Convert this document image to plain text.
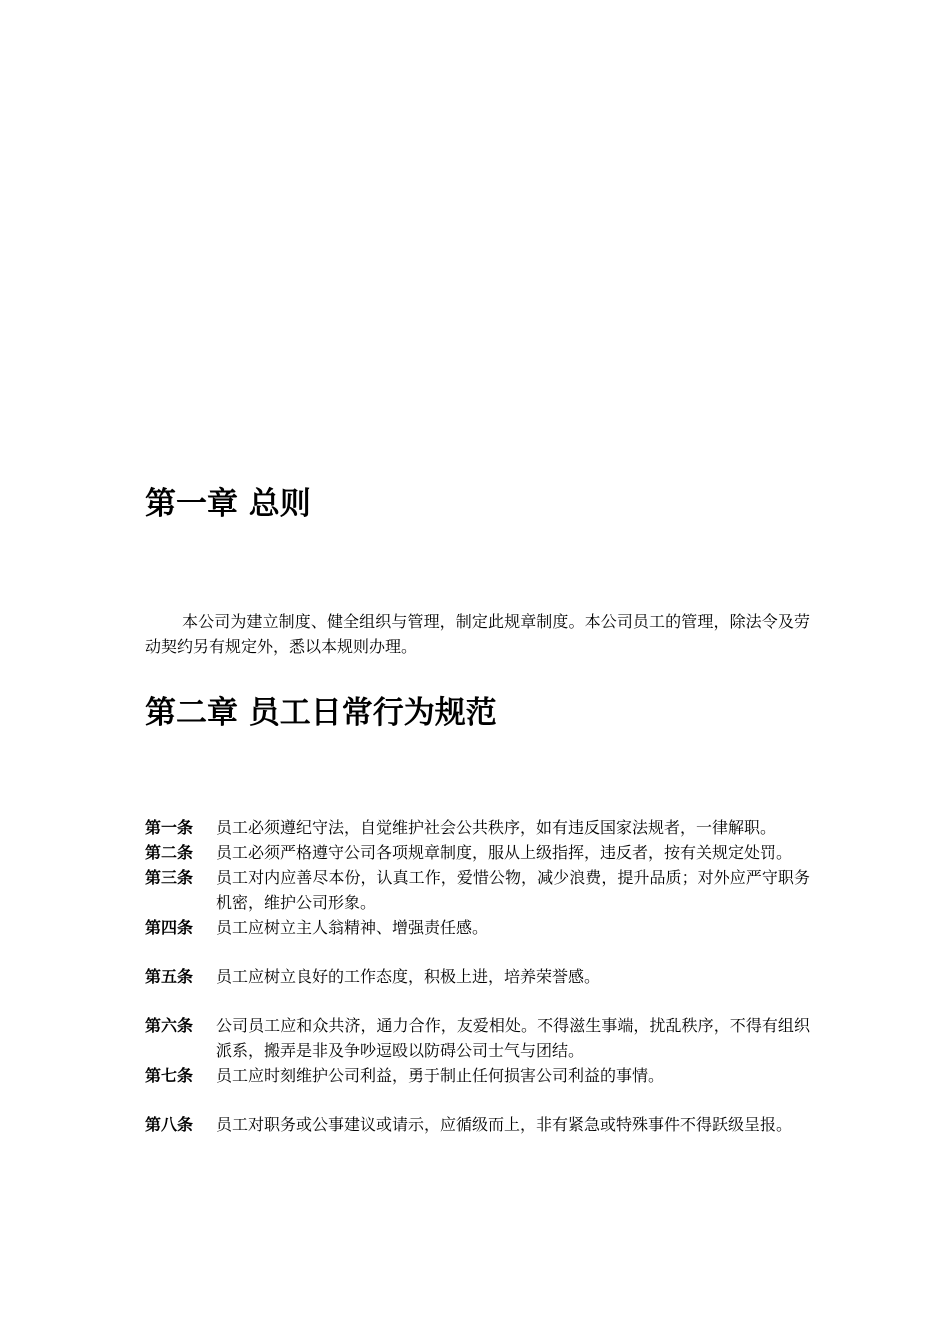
第一章 总则

本公司为建立制度、健全组织与管理，制定此规章制度。本公司员工的管理，除法令及劳动契约另有规定外，悉以本规则办理。

第二章 员工日常行为规范
第一条 员工必须遵纪守法，自觉维护社会公共秩序，如有违反国家法规者，一律解职。
第二条 员工必须严格遵守公司各项规章制度，服从上级指挥，违反者，按有关规定处罚。
第三条 员工对内应善尽本份，认真工作，爱惜公物，减少浪费，提升品质；对外应严守职务机密，维护公司形象。
第四条 员工应树立主人翁精神、增强责任感。
第五条 员工应树立良好的工作态度，积极上进，培养荣誉感。
第六条 公司员工应和众共济，通力合作，友爱相处。不得滋生事端，扰乱秩序，不得有组织派系，搬弄是非及争吵逗殴以防碍公司士气与团结。
第七条 员工应时刻维护公司利益，勇于制止任何损害公司利益的事情。
第八条 员工对职务或公事建议或请示，应循级而上，非有紧急或特殊事件不得跃级呈报。
